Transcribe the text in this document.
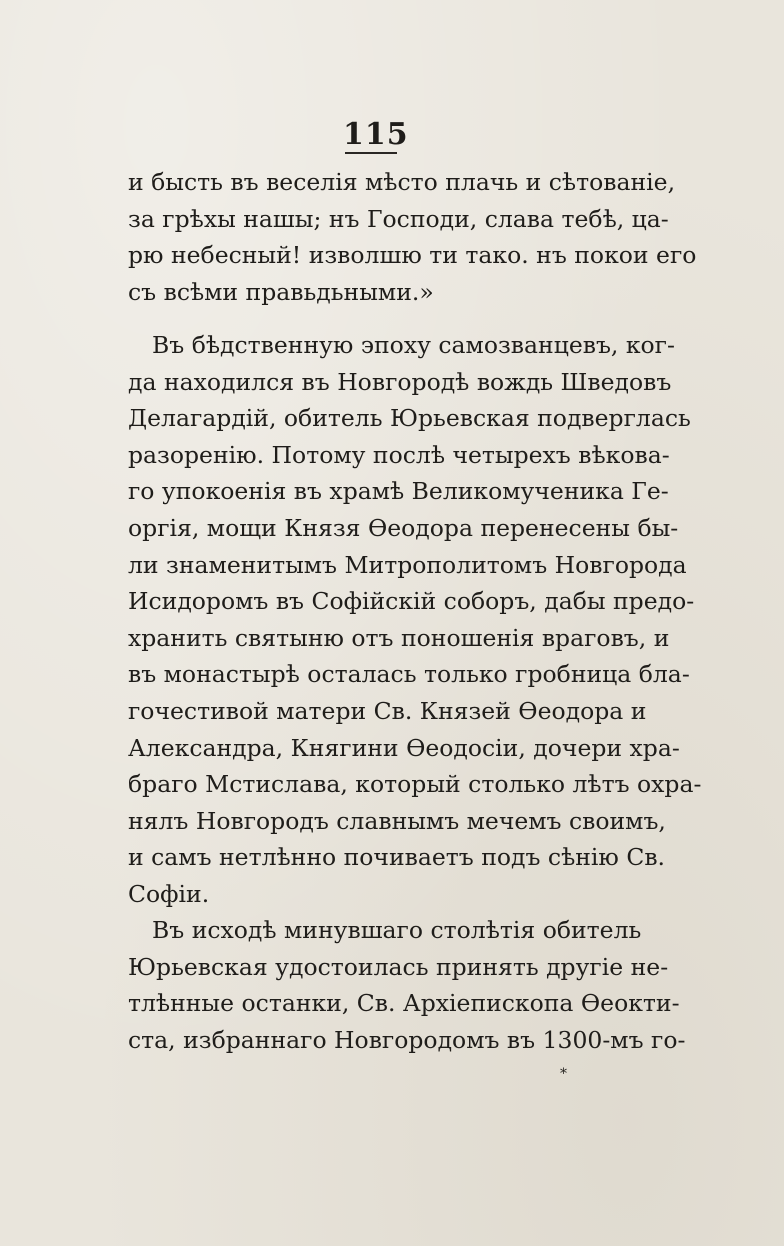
115
и бысть въ веселія мѣсто плачь и сѣтованіе,
за грѣхы нашы; нъ Господи, слава тебѣ, ца-
рю небесный! изволшю ти тако. нъ покои его
съ всѣми правьдьными.»
Въ бѣдственную эпоху самозванцевъ, ког-
да находился въ Новгородѣ вождь Шведовъ
Делагардій, обитель Юрьевская подверглась
разоренію. Потому послѣ четырехъ вѣкова-
го упокоенія въ храмѣ Великомученика Ге-
оргія, мощи Князя Ѳеодора перенесены бы-
ли знаменитымъ Митрополитомъ Новгорода
Исидоромъ въ Софійскій соборъ, дабы предо-
хранить святыню отъ поношенія враговъ, и
въ монастырѣ осталась только гробница бла-
гочестивой матери Св. Князей Ѳеодора и
Александра, Княгини Ѳеодосіи, дочери хра-
браго Мстислава, который столько лѣтъ охра-
нялъ Новгородъ славнымъ мечемъ своимъ,
и самъ нетлѣнно почиваетъ подъ сѣнію Св.
Софіи.
Въ исходѣ минувшаго столѣтія обитель
Юрьевская удостоилась принять другіе не-
тлѣнные останки, Св. Архіепископа Ѳеокти-
ста, избраннаго Новгородомъ въ 1300-мъ го-
*
